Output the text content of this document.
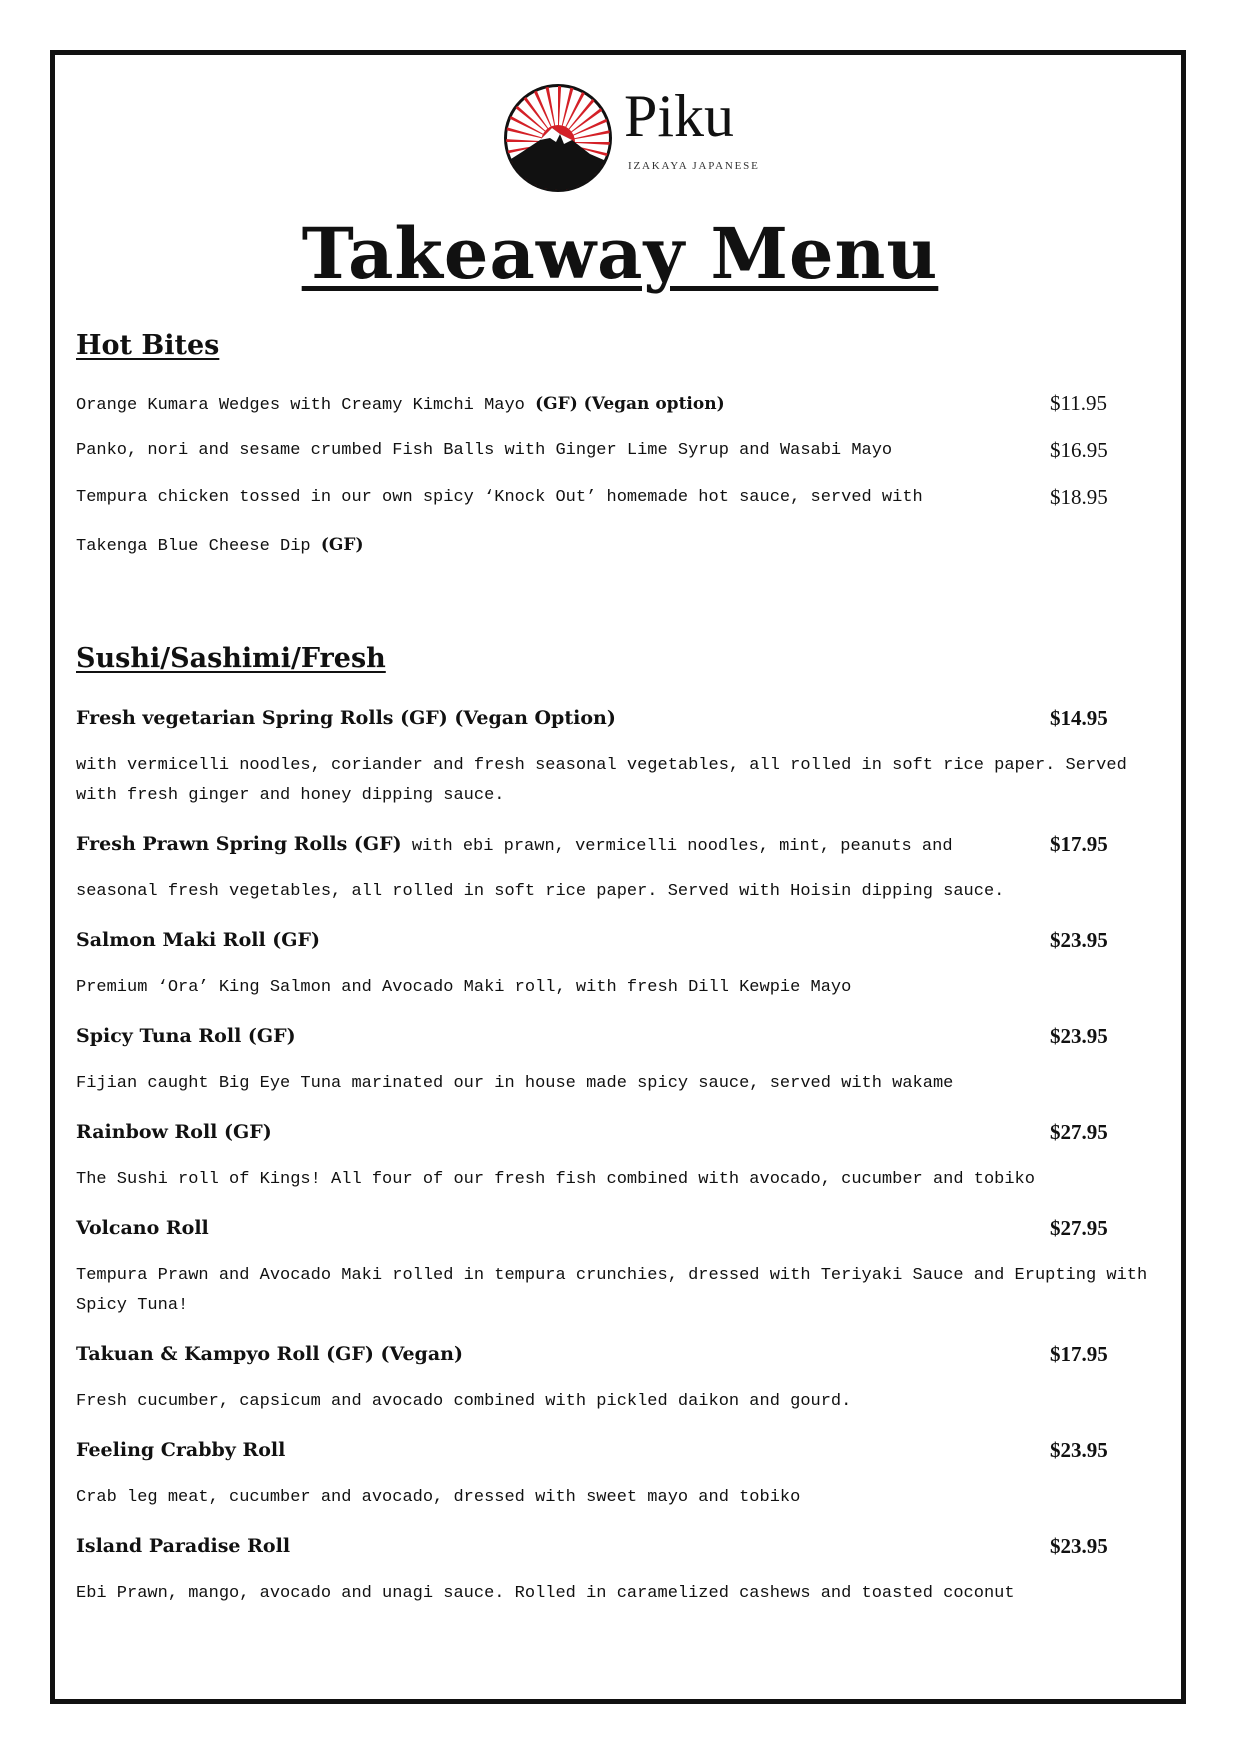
Piku
IZAKAYA JAPANESE
Takeaway Menu
Hot Bites
Orange Kumara Wedges with Creamy Kimchi Mayo (GF) (Vegan option)	$11.95
Panko, nori and sesame crumbed Fish Balls with Ginger Lime Syrup and Wasabi Mayo	$16.95
Tempura chicken tossed in our own spicy ‘Knock Out’ homemade hot sauce, served with	$18.95
Takenga Blue Cheese Dip (GF)
Sushi/Sashimi/Fresh
Fresh vegetarian Spring Rolls (GF) (Vegan Option)	$14.95
with vermicelli noodles, coriander and fresh seasonal vegetables, all rolled in soft rice paper. Served with fresh ginger and honey dipping sauce.
Fresh Prawn Spring Rolls (GF) with ebi prawn, vermicelli noodles, mint, peanuts and	$17.95
seasonal fresh vegetables, all rolled in soft rice paper. Served with Hoisin dipping sauce.
Salmon Maki Roll (GF)	$23.95
Premium ‘Ora’ King Salmon and Avocado Maki roll, with fresh Dill Kewpie Mayo
Spicy Tuna Roll (GF)	$23.95
Fijian caught Big Eye Tuna marinated our in house made spicy sauce, served with wakame
Rainbow Roll (GF)	$27.95
The Sushi roll of Kings! All four of our fresh fish combined with avocado, cucumber and tobiko
Volcano Roll	$27.95
Tempura Prawn and Avocado Maki rolled in tempura crunchies, dressed with Teriyaki Sauce and Erupting with Spicy Tuna!
Takuan & Kampyo Roll (GF) (Vegan)	$17.95
Fresh cucumber, capsicum and avocado combined with pickled daikon and gourd.
Feeling Crabby Roll	$23.95
Crab leg meat, cucumber and avocado, dressed with sweet mayo and tobiko
Island Paradise Roll	$23.95
Ebi Prawn, mango, avocado and unagi sauce. Rolled in caramelized cashews and toasted coconut
